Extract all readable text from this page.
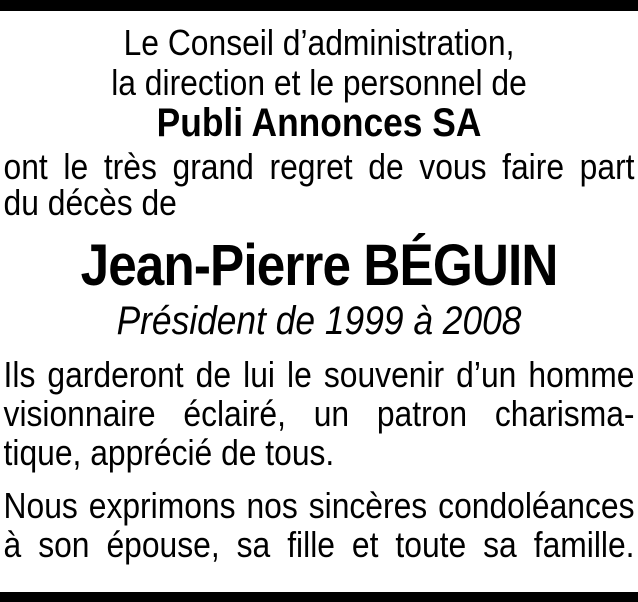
Le Conseil d’administration,
la direction et le personnel de
Publi Annonces SA
ont le très grand regret de vous faire part
du décès de
Jean-Pierre BÉGUIN
Président de 1999 à 2008
Ils garderont de lui le souvenir d’un homme
visionnaire éclairé, un patron charisma-
tique, apprécié de tous.
Nous exprimons nos sincères condoléances
à son épouse, sa fille et toute sa famille.
